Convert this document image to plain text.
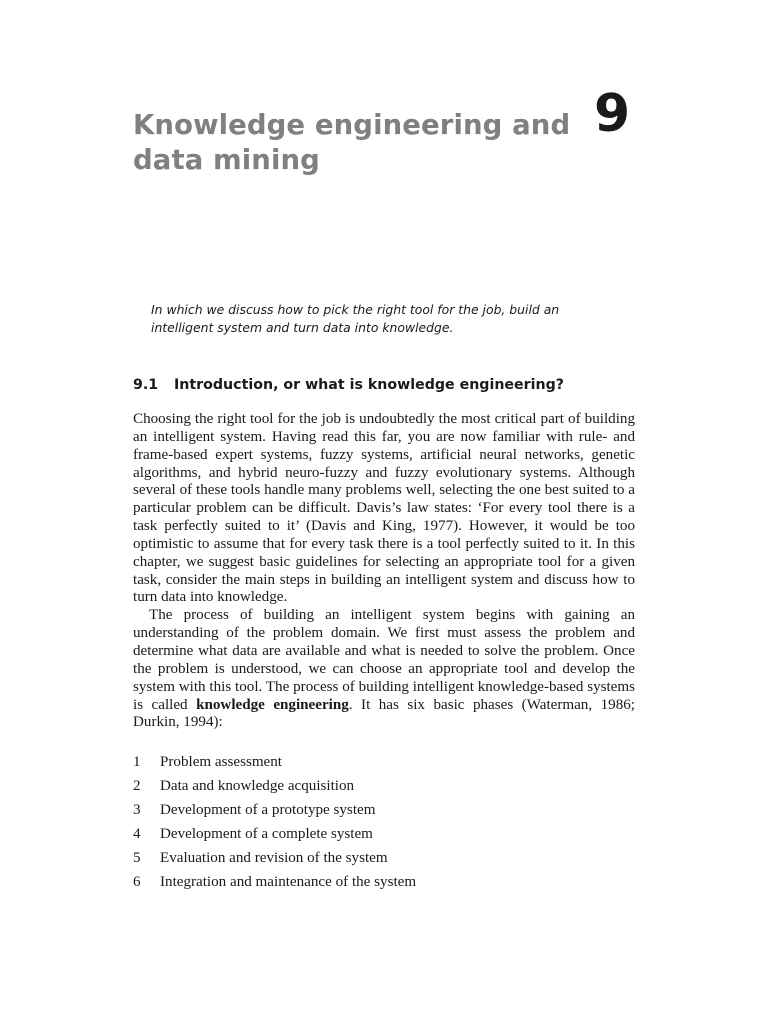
Knowledge engineering and data mining
9

In which we discuss how to pick the right tool for the job, build an intelligent system and turn data into knowledge.

9.1 Introduction, or what is knowledge engineering?

Choosing the right tool for the job is undoubtedly the most critical part of building an intelligent system. Having read this far, you are now familiar with rule- and frame-based expert systems, fuzzy systems, artificial neural networks, genetic algorithms, and hybrid neuro-fuzzy and fuzzy evolutionary systems. Although several of these tools handle many problems well, selecting the one best suited to a particular problem can be difficult. Davis’s law states: ‘For every tool there is a task perfectly suited to it’ (Davis and King, 1977). However, it would be too optimistic to assume that for every task there is a tool perfectly suited to it. In this chapter, we suggest basic guidelines for selecting an appropriate tool for a given task, consider the main steps in building an intelligent system and discuss how to turn data into knowledge.

The process of building an intelligent system begins with gaining an understanding of the problem domain. We first must assess the problem and determine what data are available and what is needed to solve the problem. Once the problem is understood, we can choose an appropriate tool and develop the system with this tool. The process of building intelligent knowledge-based systems is called knowledge engineering. It has six basic phases (Waterman, 1986; Durkin, 1994):

1 Problem assessment
2 Data and knowledge acquisition
3 Development of a prototype system
4 Development of a complete system
5 Evaluation and revision of the system
6 Integration and maintenance of the system
